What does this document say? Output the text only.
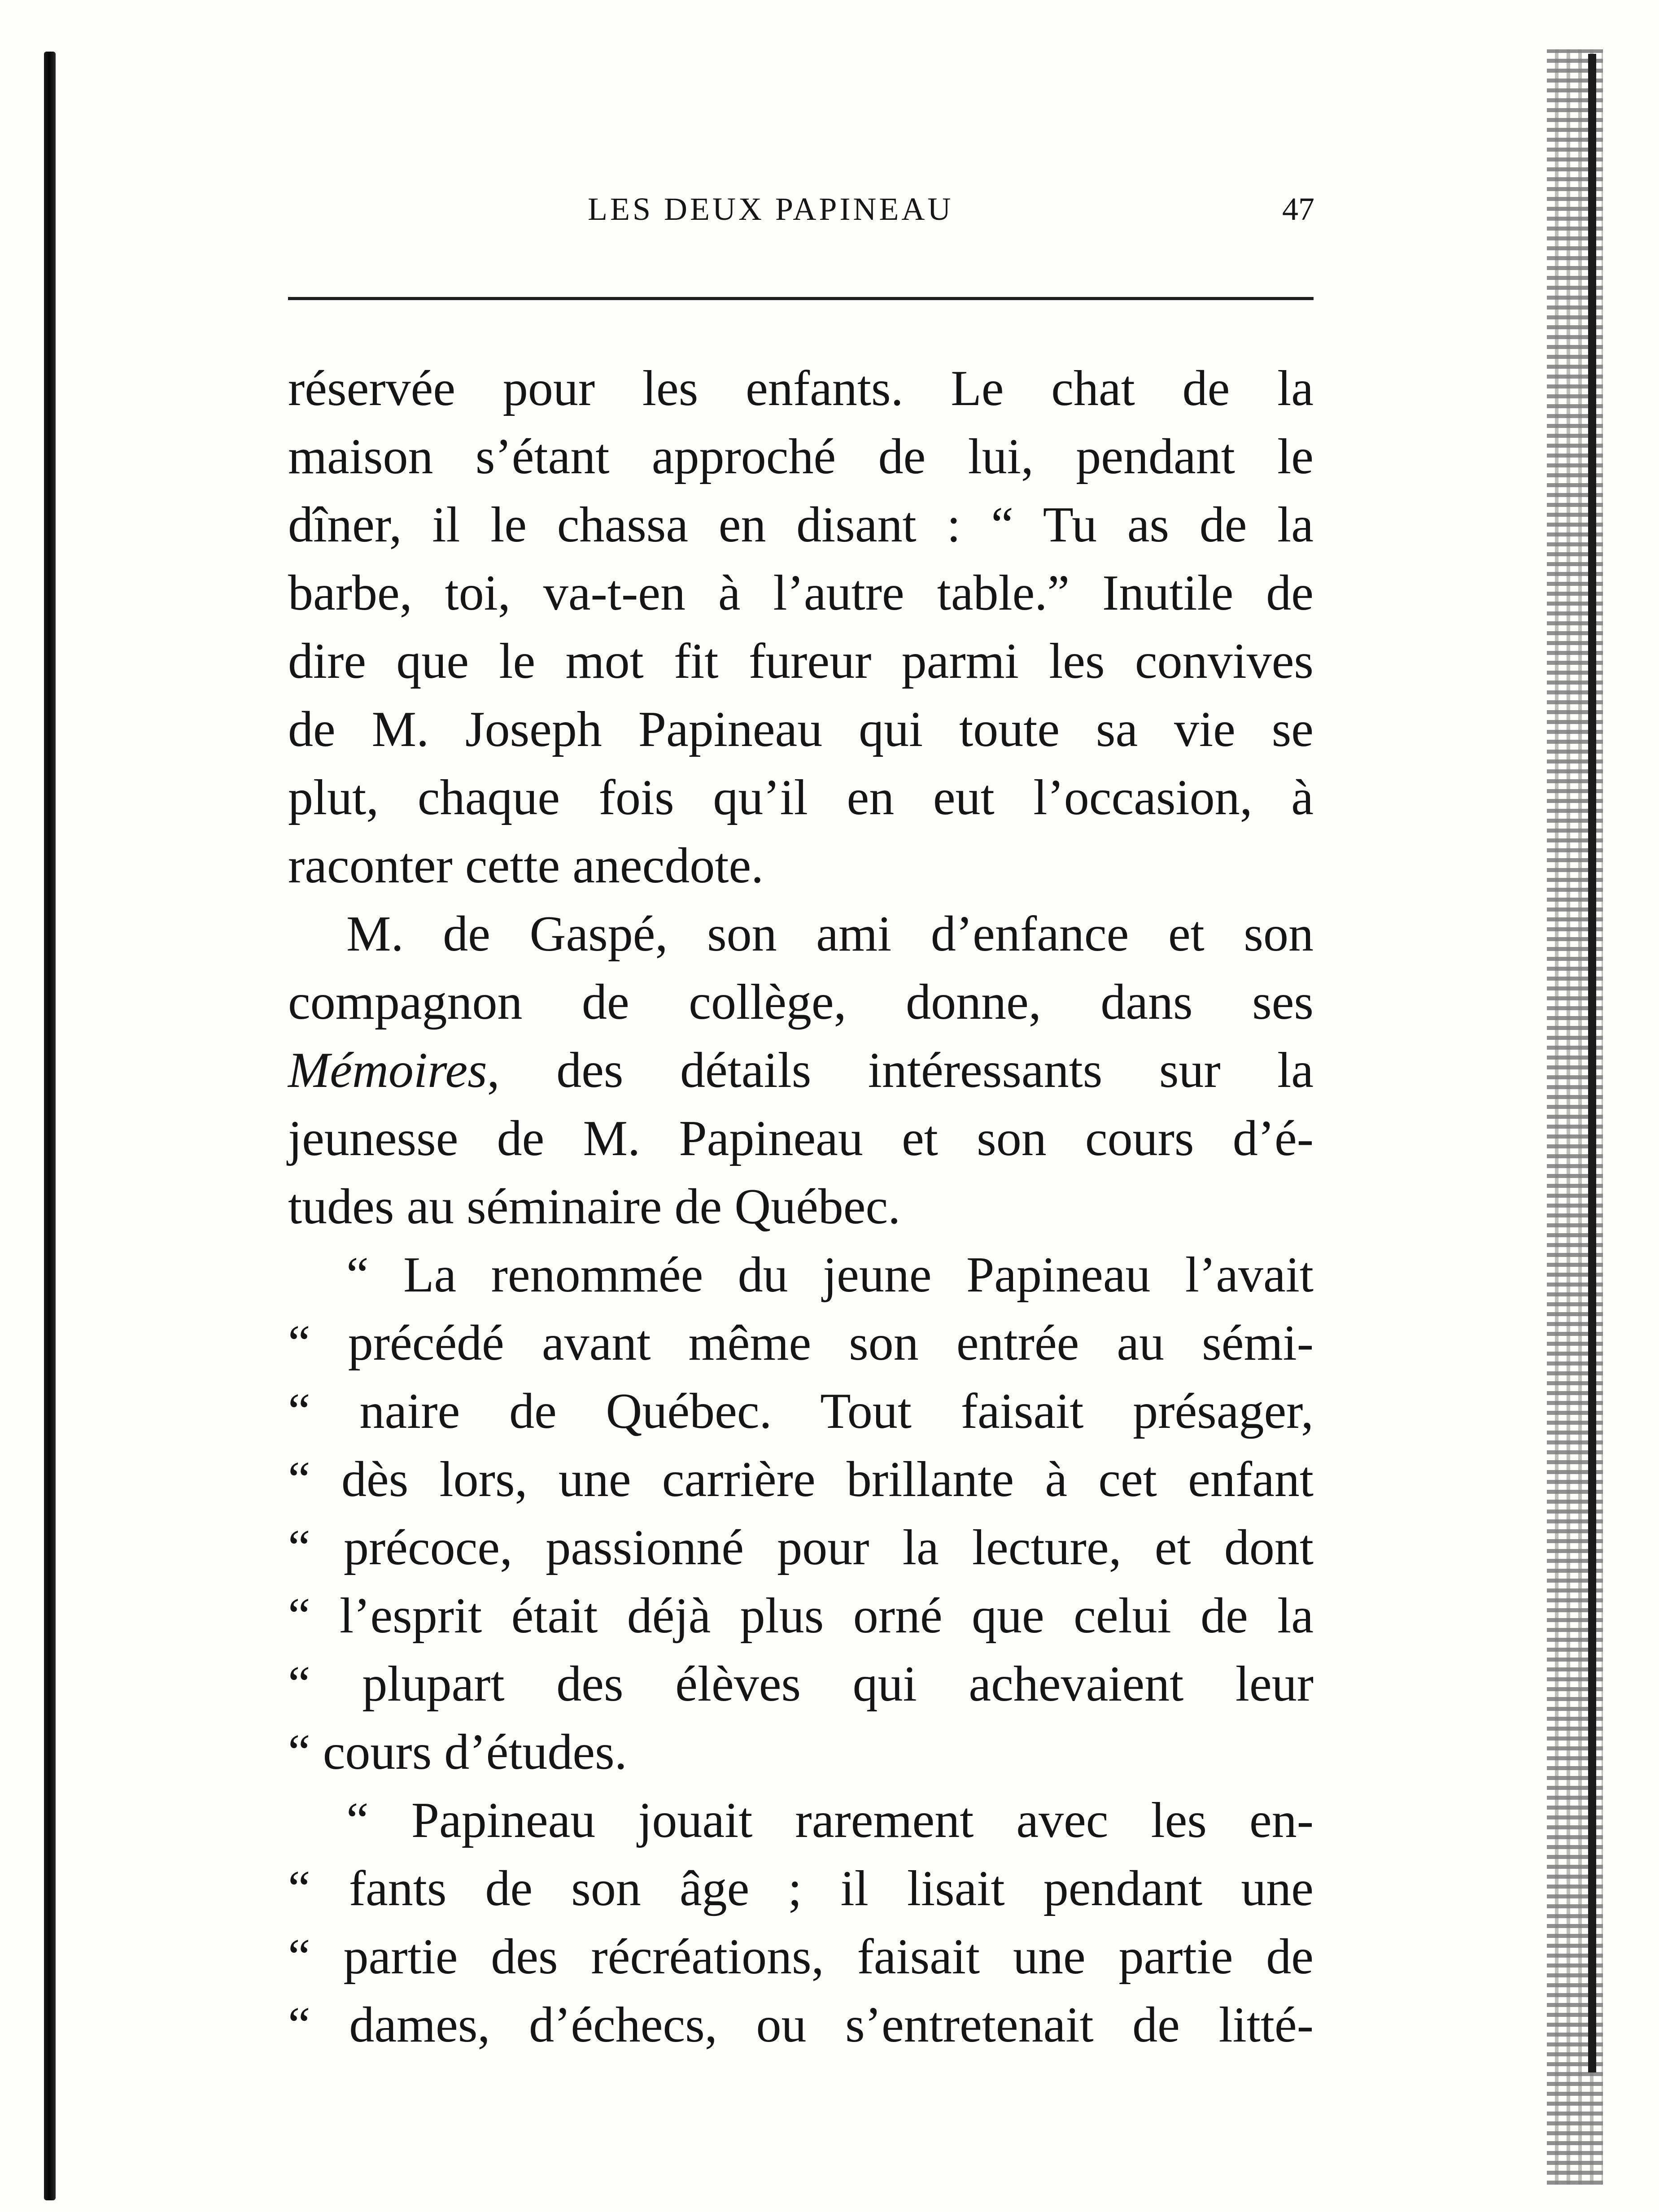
LES DEUX PAPINEAU	47
réservée pour les enfants. Le chat de la
maison s’étant approché de lui, pendant le
dîner, il le chassa en disant : “ Tu as de la
barbe, toi, va-t-en à l’autre table.” Inutile de
dire que le mot fit fureur parmi les convives
de M. Joseph Papineau qui toute sa vie se
plut, chaque fois qu’il en eut l’occasion, à
raconter cette anecdote.
M. de Gaspé, son ami d’enfance et son
compagnon de collège, donne, dans ses
Mémoires, des détails intéressants sur la
jeunesse de M. Papineau et son cours d’é-
tudes au séminaire de Québec.
“ La renommée du jeune Papineau l’avait
“ précédé avant même son entrée au sémi-
“ naire de Québec. Tout faisait présager,
“ dès lors, une carrière brillante à cet enfant
“ précoce, passionné pour la lecture, et dont
“ l’esprit était déjà plus orné que celui de la
“ plupart des élèves qui achevaient leur
“ cours d’études.
“ Papineau jouait rarement avec les en-
“ fants de son âge ; il lisait pendant une
“ partie des récréations, faisait une partie de
“ dames, d’échecs, ou s’entretenait de litté-
